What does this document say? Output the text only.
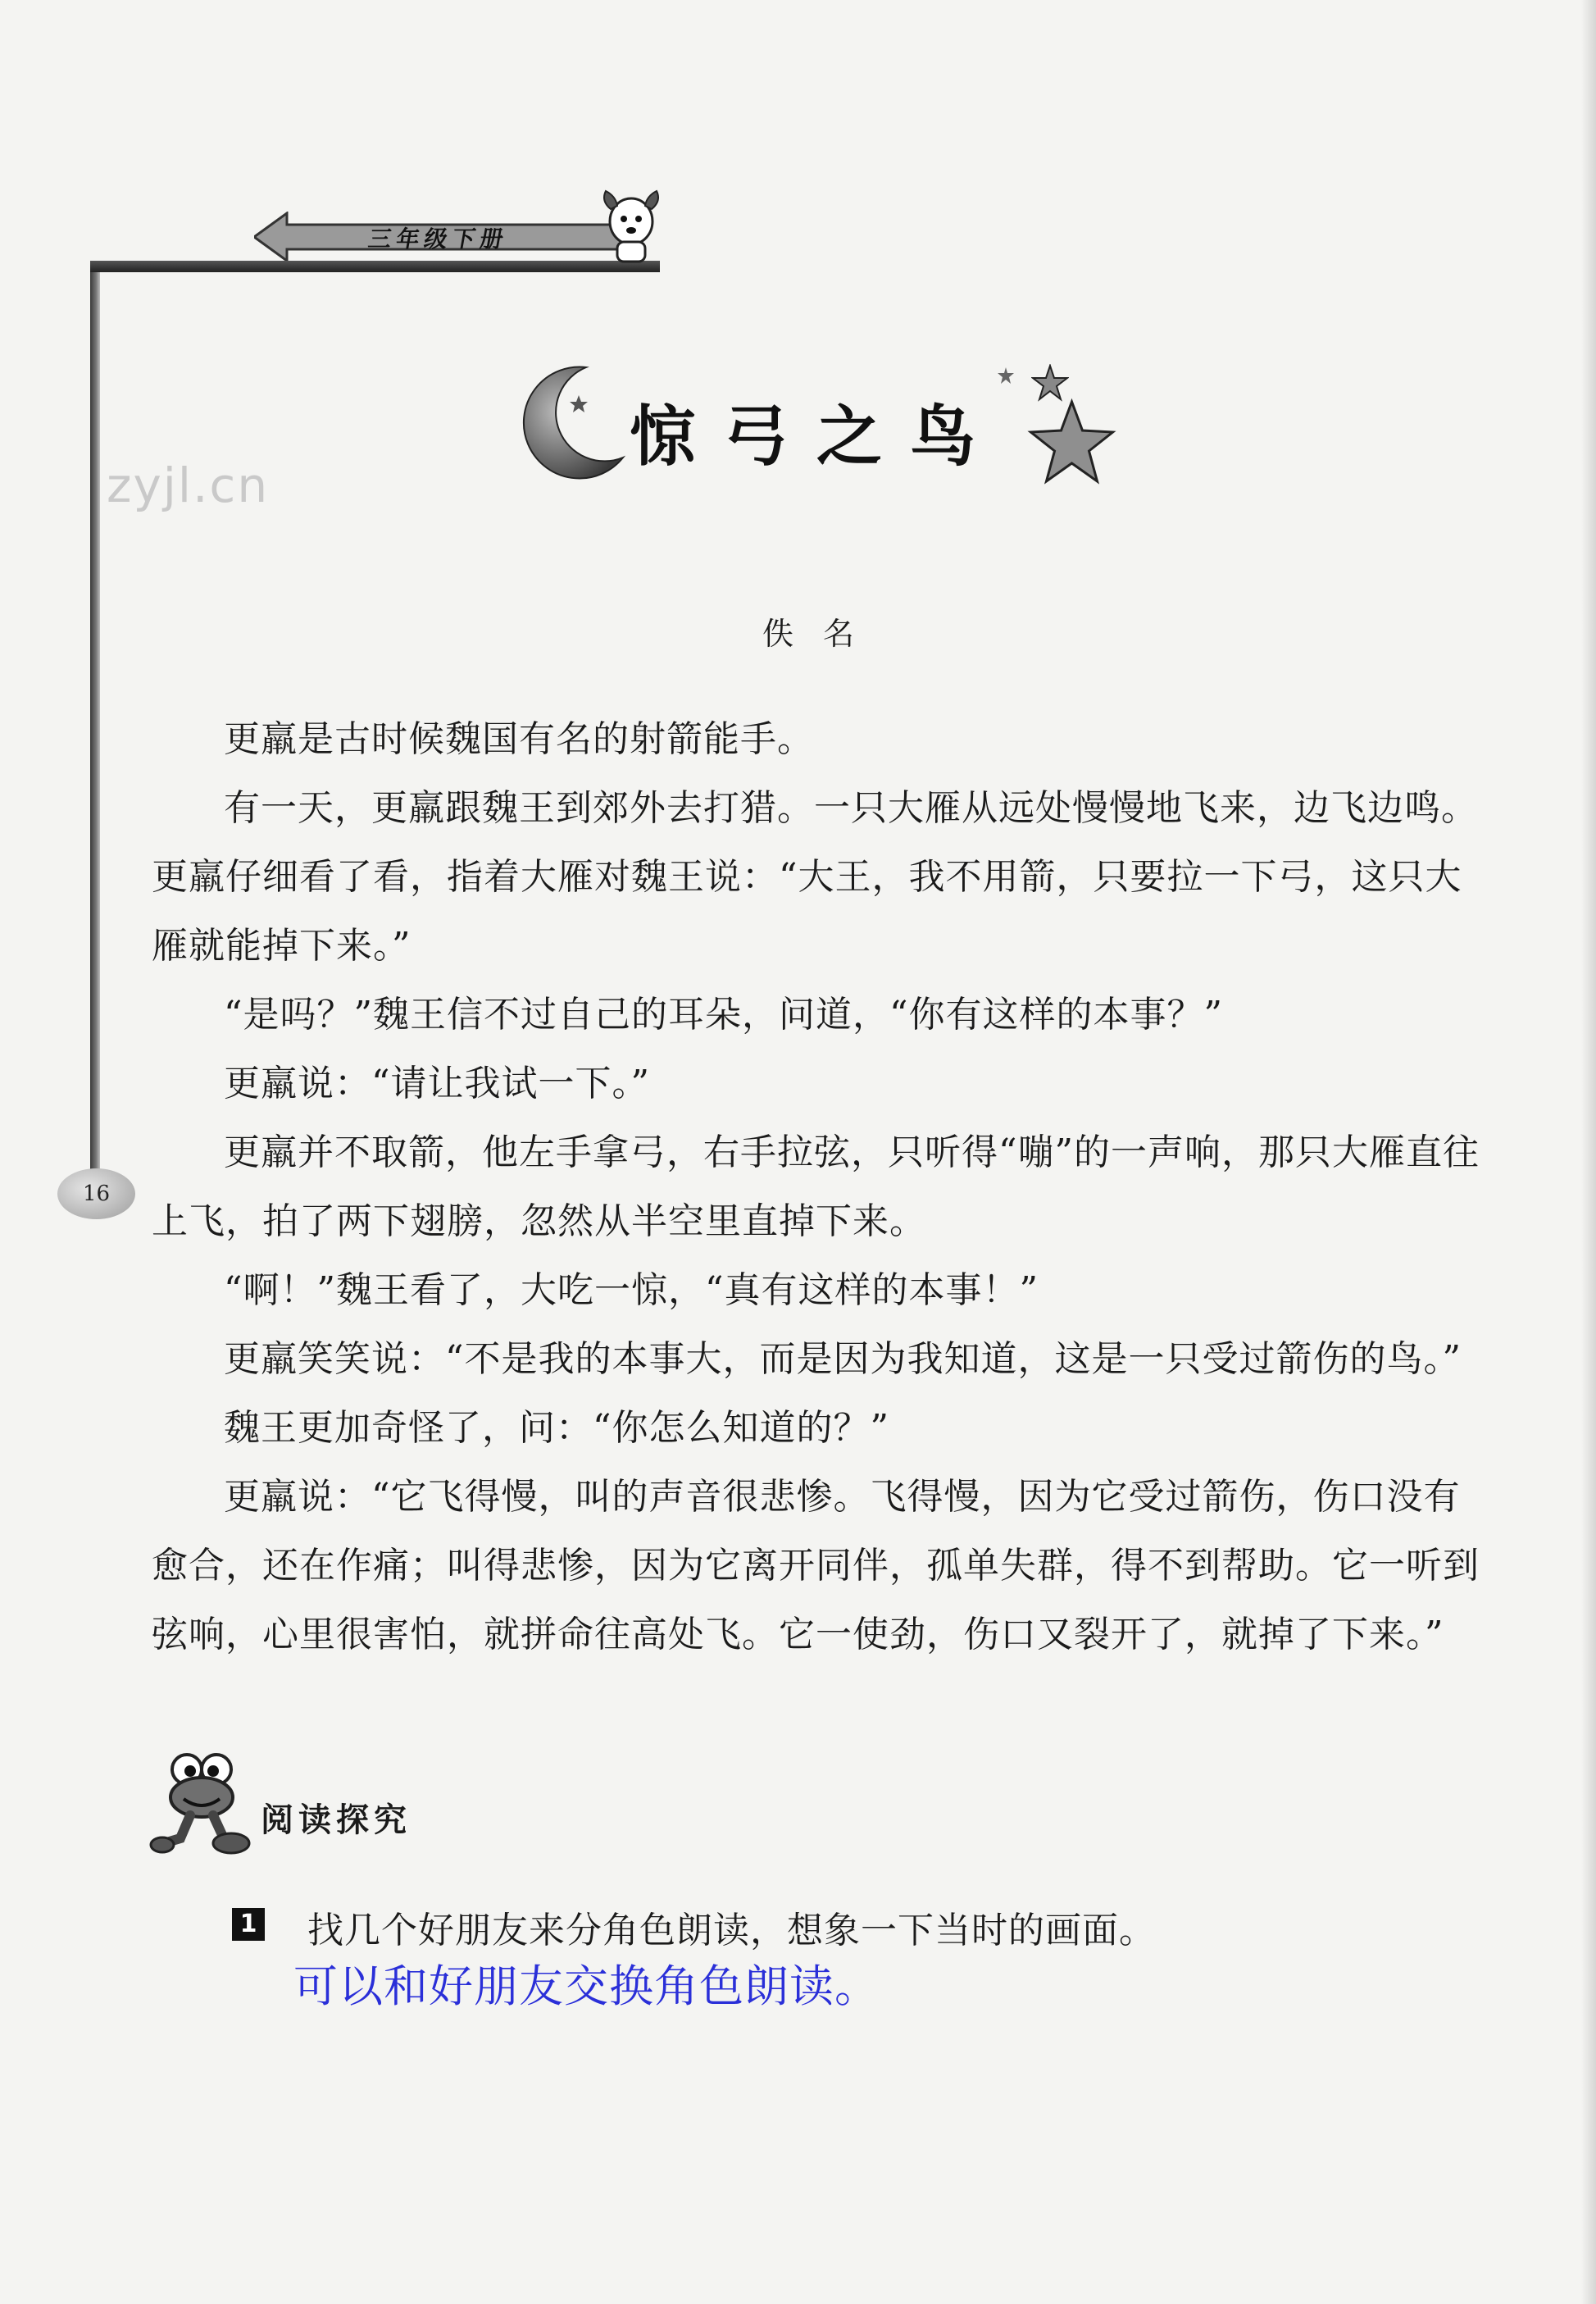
三年级下册
zyjl.cn
惊弓之鸟
佚名

更羸是古时候魏国有名的射箭能手。

有一天，更羸跟魏王到郊外去打猎。一只大雁从远处慢慢地飞来，边飞边鸣。更羸仔细看了看，指着大雁对魏王说：“大王，我不用箭，只要拉一下弓，这只大雁就能掉下来。”

“是吗？”魏王信不过自己的耳朵，问道，“你有这样的本事？”

更羸说：“请让我试一下。”

更羸并不取箭，他左手拿弓，右手拉弦，只听得“嘣”的一声响，那只大雁直往上飞，拍了两下翅膀，忽然从半空里直掉下来。

“啊！”魏王看了，大吃一惊，“真有这样的本事！”

更羸笑笑说：“不是我的本事大，而是因为我知道，这是一只受过箭伤的鸟。”

魏王更加奇怪了，问：“你怎么知道的？”

更羸说：“它飞得慢，叫的声音很悲惨。飞得慢，因为它受过箭伤，伤口没有愈合，还在作痛；叫得悲惨，因为它离开同伴，孤单失群，得不到帮助。它一听到弦响，心里很害怕，就拼命往高处飞。它一使劲，伤口又裂开了，就掉了下来。”

16
阅读探究
1 找几个好朋友来分角色朗读，想象一下当时的画面。
可以和好朋友交换角色朗读。
